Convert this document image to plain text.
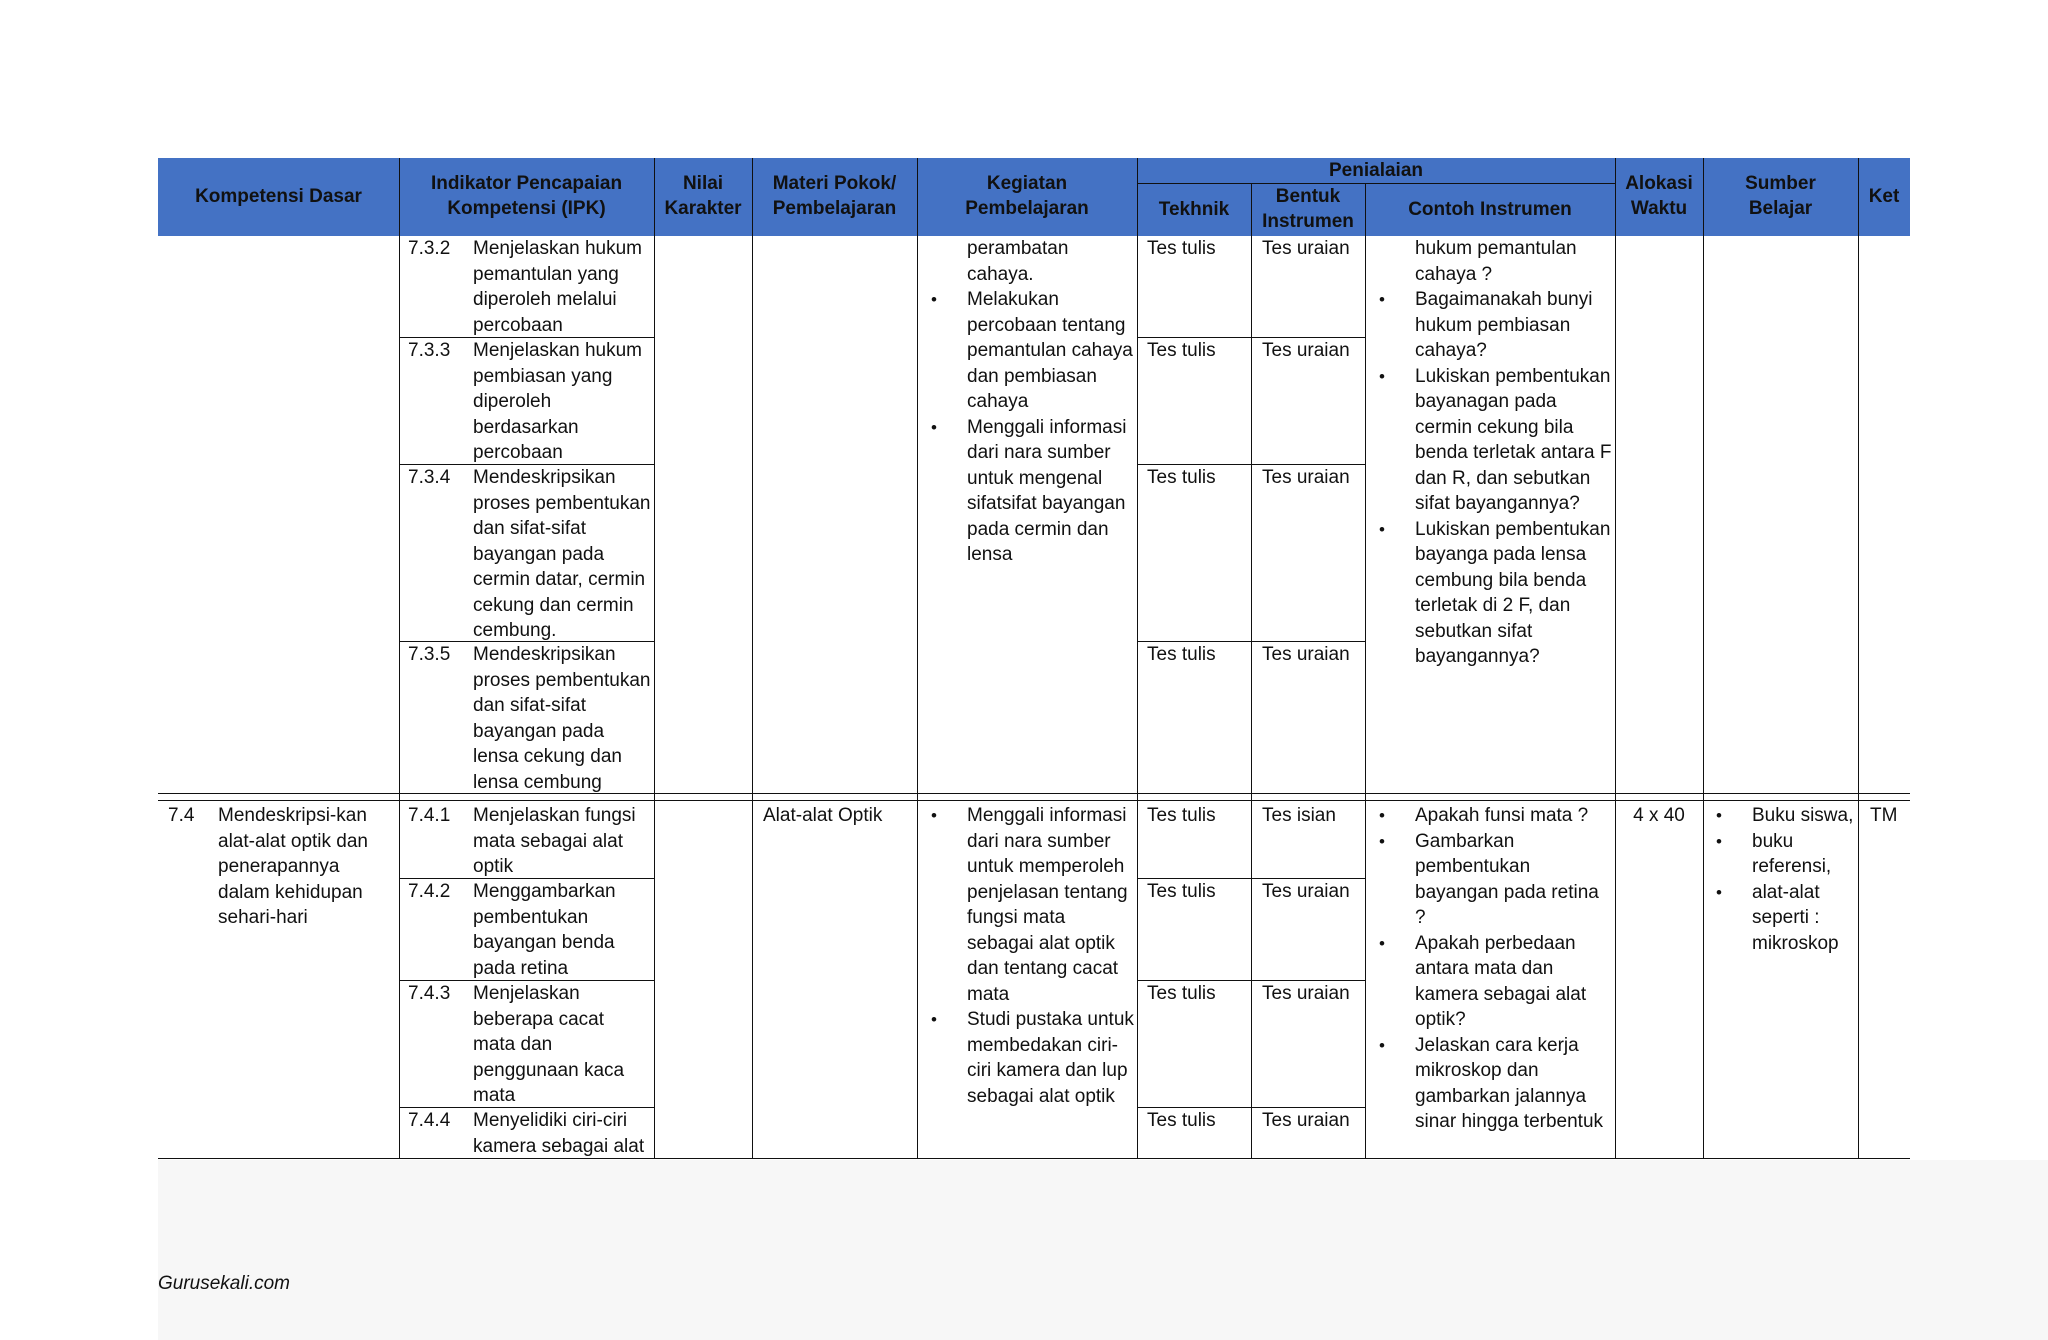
Kompetensi Dasar
Indikator Pencapaian Kompetensi (IPK)
Nilai Karakter
Materi Pokok/ Pembelajaran
Kegiatan Pembelajaran
Penialaian
Tekhnik
Bentuk Instrumen
Contoh Instrumen
Alokasi Waktu
Sumber Belajar
Ket
7.3.2 Menjelaskan hukum pemantulan yang diperoleh melalui percobaan
Tes tulis Tes uraian
7.3.3 Menjelaskan hukum pembiasan yang diperoleh berdasarkan percobaan
Tes tulis Tes uraian
7.3.4 Mendeskripsikan proses pembentukan dan sifat-sifat bayangan pada cermin datar, cermin cekung dan cermin cembung.
Tes tulis Tes uraian
7.3.5 Mendeskripsikan proses pembentukan dan sifat-sifat bayangan pada lensa cekung dan lensa cembung
Tes tulis Tes uraian
perambatan cahaya.
• Melakukan percobaan tentang pemantulan cahaya dan pembiasan cahaya
• Menggali informasi dari nara sumber untuk mengenal sifatsifat bayangan pada cermin dan lensa
hukum pemantulan cahaya ?
• Bagaimanakah bunyi hukum pembiasan cahaya?
• Lukiskan pembentukan bayanagan pada cermin cekung bila benda terletak antara F dan R, dan sebutkan sifat bayangannya?
• Lukiskan pembentukan bayanga pada lensa cembung bila benda terletak di 2 F, dan sebutkan sifat bayangannya?
7.4 Mendeskripsi-kan alat-alat optik dan penerapannya dalam kehidupan sehari-hari
7.4.1 Menjelaskan fungsi mata sebagai alat optik
Tes tulis Tes isian
7.4.2 Menggambarkan pembentukan bayangan benda pada retina
Tes tulis Tes uraian
7.4.3 Menjelaskan beberapa cacat mata dan penggunaan kaca mata
Tes tulis Tes uraian
7.4.4 Menyelidiki ciri-ciri kamera sebagai alat
Tes tulis Tes uraian
Alat-alat Optik	• Menggali informasi dari nara sumber untuk memperoleh penjelasan tentang fungsi mata sebagai alat optik dan tentang cacat mata
• Studi pustaka untuk membedakan ciri-ciri kamera dan lup sebagai alat optik
• Apakah funsi mata ?
• Gambarkan pembentukan bayangan pada retina ?
• Apakah perbedaan antara mata dan kamera sebagai alat optik?
• Jelaskan cara kerja mikroskop dan gambarkan jalannya sinar hingga terbentuk
4 x 40	• Buku siswa,
• buku referensi,
• alat-alat seperti : mikroskop
TM
Gurusekali.com
